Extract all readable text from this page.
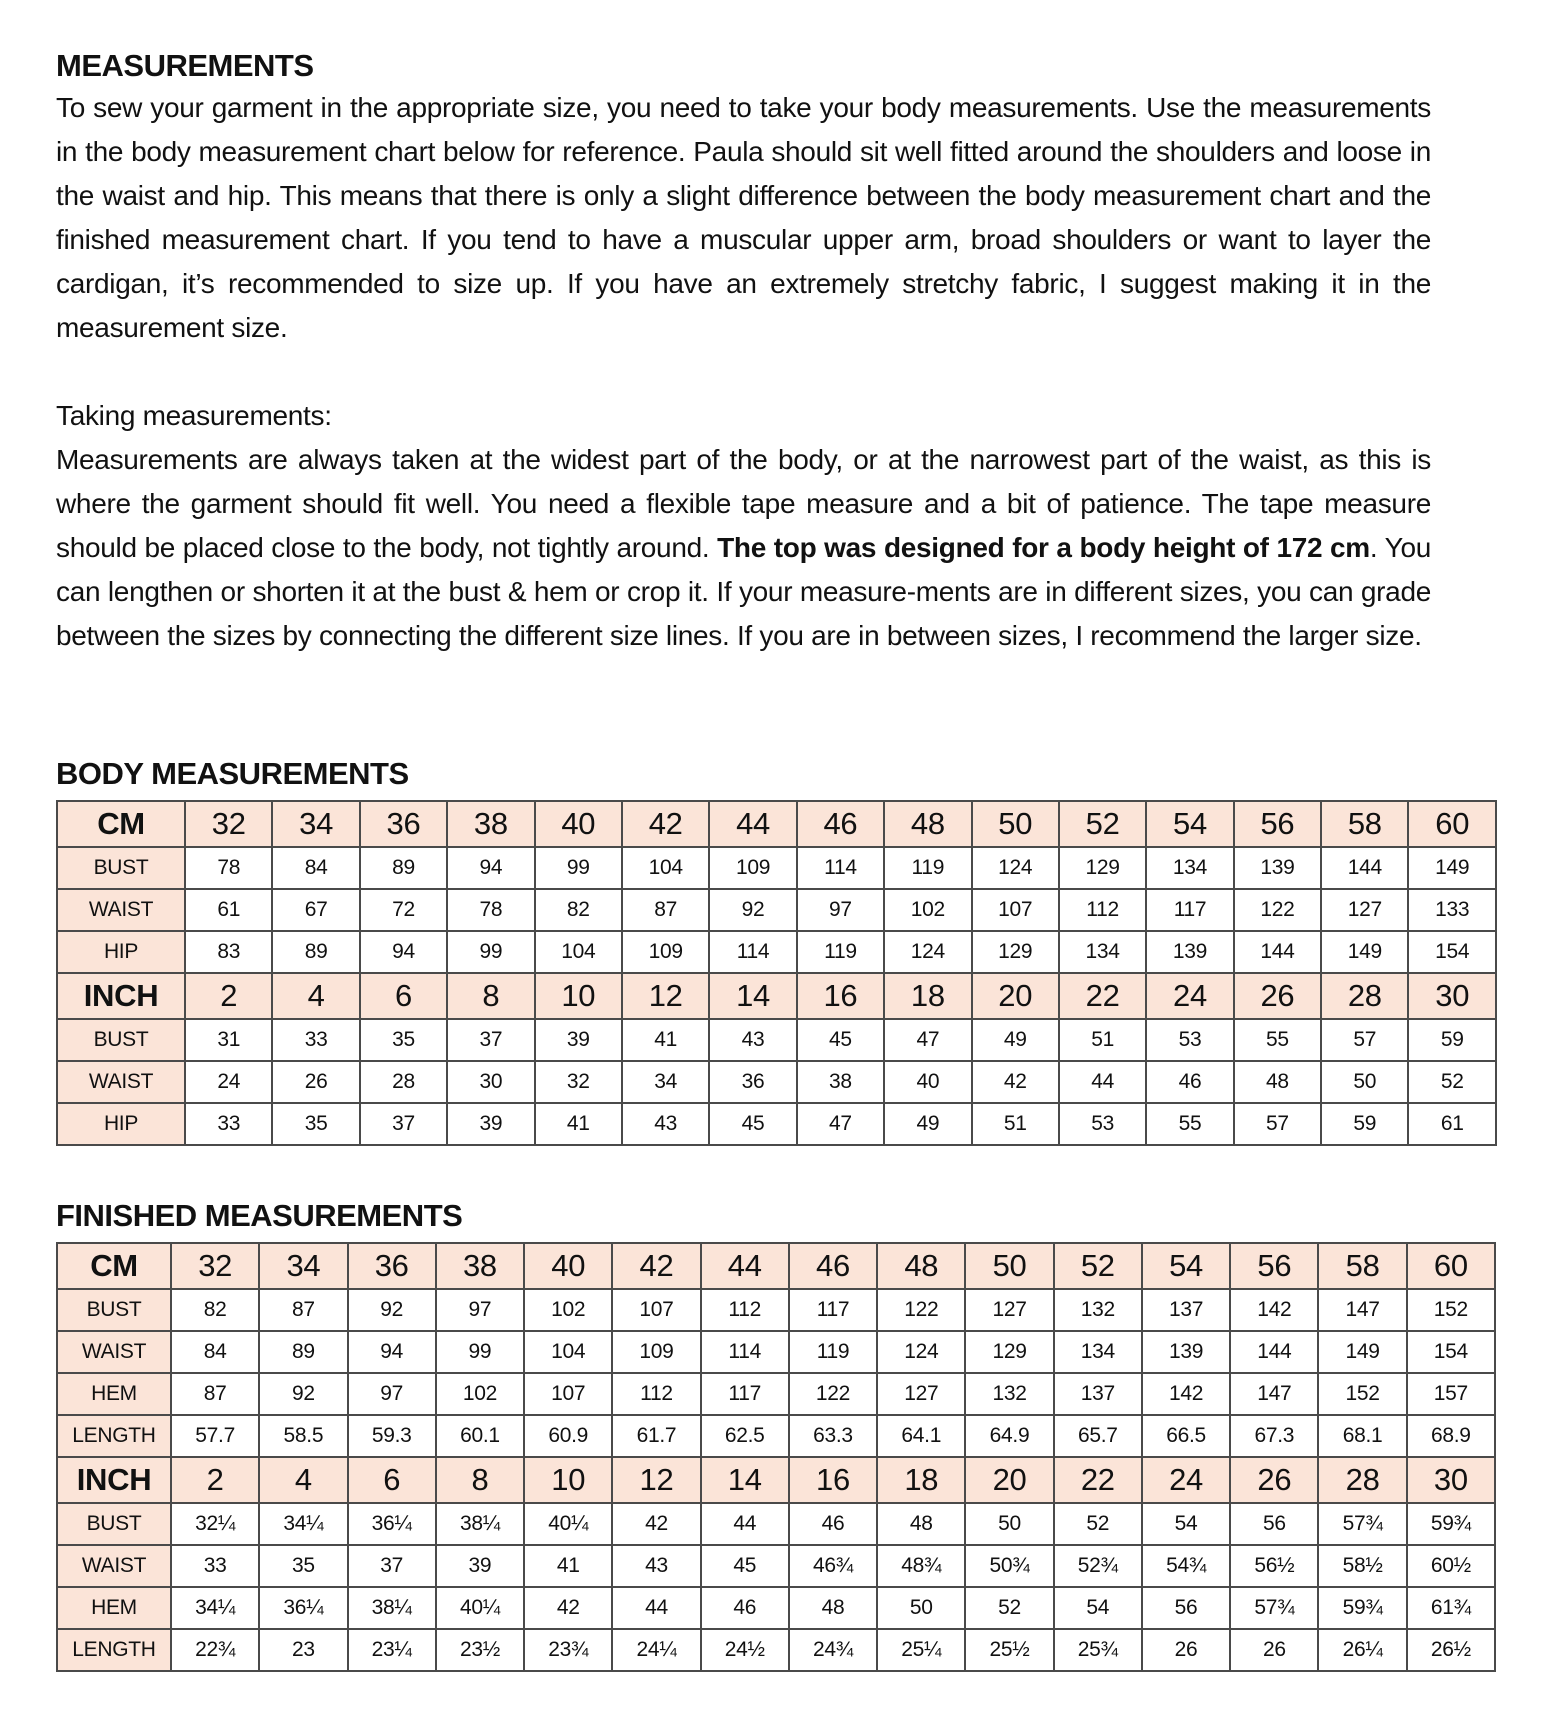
MEASUREMENTS

To sew your garment in the appropriate size, you need to take your body measurements. Use the measurements in the body measurement chart below for reference. Paula should sit well fitted around the shoulders and loose in the waist and hip. This means that there is only a slight difference between the body measurement chart and the finished measurement chart. If you tend to have a muscular upper arm, broad shoulders or want to layer the cardigan, it’s recommended to size up. If you have an extremely stretchy fabric, I suggest making it in the measurement size.

Taking measurements:

Measurements are always taken at the widest part of the body, or at the narrowest part of the waist, as this is where the garment should fit well. You need a flexible tape measure and a bit of patience. The tape measure should be placed close to the body, not tightly around. The top was designed for a body height of 172 cm. You can lengthen or shorten it at the bust & hem or crop it. If your measure-ments are in different sizes, you can grade between the sizes by connecting the different size lines. If you are in between sizes, I recommend the larger size.

BODY MEASUREMENTS
CM	32	34	36	38	40	42	44	46	48	50	52	54	56	58	60
BUST	78	84	89	94	99	104	109	114	119	124	129	134	139	144	149
WAIST	61	67	72	78	82	87	92	97	102	107	112	117	122	127	133
HIP	83	89	94	99	104	109	114	119	124	129	134	139	144	149	154
INCH	2	4	6	8	10	12	14	16	18	20	22	24	26	28	30
BUST	31	33	35	37	39	41	43	45	47	49	51	53	55	57	59
WAIST	24	26	28	30	32	34	36	38	40	42	44	46	48	50	52
HIP	33	35	37	39	41	43	45	47	49	51	53	55	57	59	61
FINISHED MEASUREMENTS
CM	32	34	36	38	40	42	44	46	48	50	52	54	56	58	60
BUST	82	87	92	97	102	107	112	117	122	127	132	137	142	147	152
WAIST	84	89	94	99	104	109	114	119	124	129	134	139	144	149	154
HEM	87	92	97	102	107	112	117	122	127	132	137	142	147	152	157
LENGTH	57.7	58.5	59.3	60.1	60.9	61.7	62.5	63.3	64.1	64.9	65.7	66.5	67.3	68.1	68.9
INCH	2	4	6	8	10	12	14	16	18	20	22	24	26	28	30
BUST	32¼	34¼	36¼	38¼	40¼	42	44	46	48	50	52	54	56	57¾	59¾
WAIST	33	35	37	39	41	43	45	46¾	48¾	50¾	52¾	54¾	56½	58½	60½
HEM	34¼	36¼	38¼	40¼	42	44	46	48	50	52	54	56	57¾	59¾	61¾
LENGTH	22¾	23	23¼	23½	23¾	24¼	24½	24¾	25¼	25½	25¾	26	26	26¼	26½
